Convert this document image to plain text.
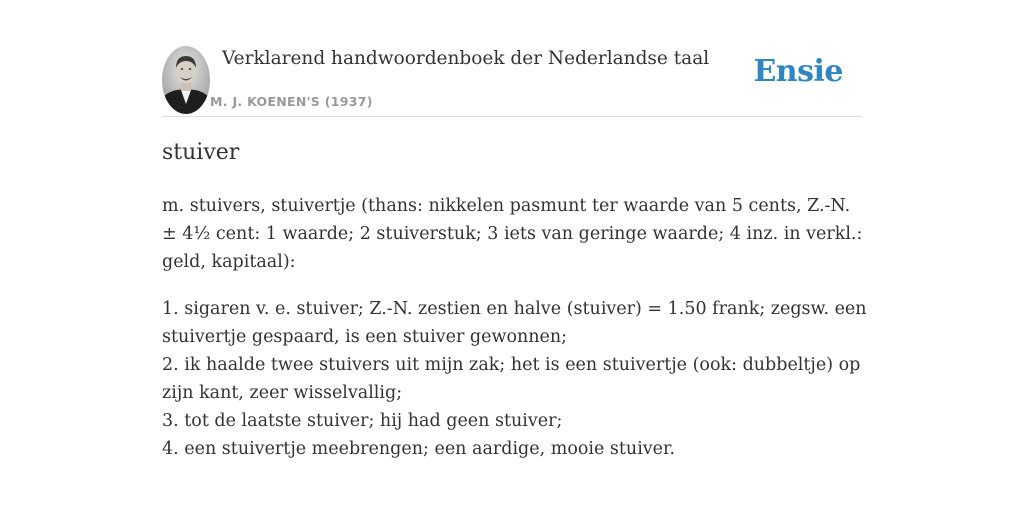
Verklarend handwoordenboek der Nederlandse taal
M. J. KOENEN'S (1937)
Ensie
stuiver

m. stuivers, stuivertje (thans: nikkelen pasmunt ter waarde van 5 cents, Z.-N. ± 4½ cent: 1 waarde; 2 stuiverstuk; 3 iets van geringe waarde; 4 inz. in verkl.: geld, kapitaal):

1. sigaren v. e. stuiver; Z.-N. zestien en halve (stuiver) = 1.50 frank; zegsw. een stuivertje gespaard, is een stuiver gewonnen;
2. ik haalde twee stuivers uit mijn zak; het is een stuivertje (ook: dubbeltje) op zijn kant, zeer wisselvallig;
3. tot de laatste stuiver; hij had geen stuiver;
4. een stuivertje meebrengen; een aardige, mooie stuiver.
